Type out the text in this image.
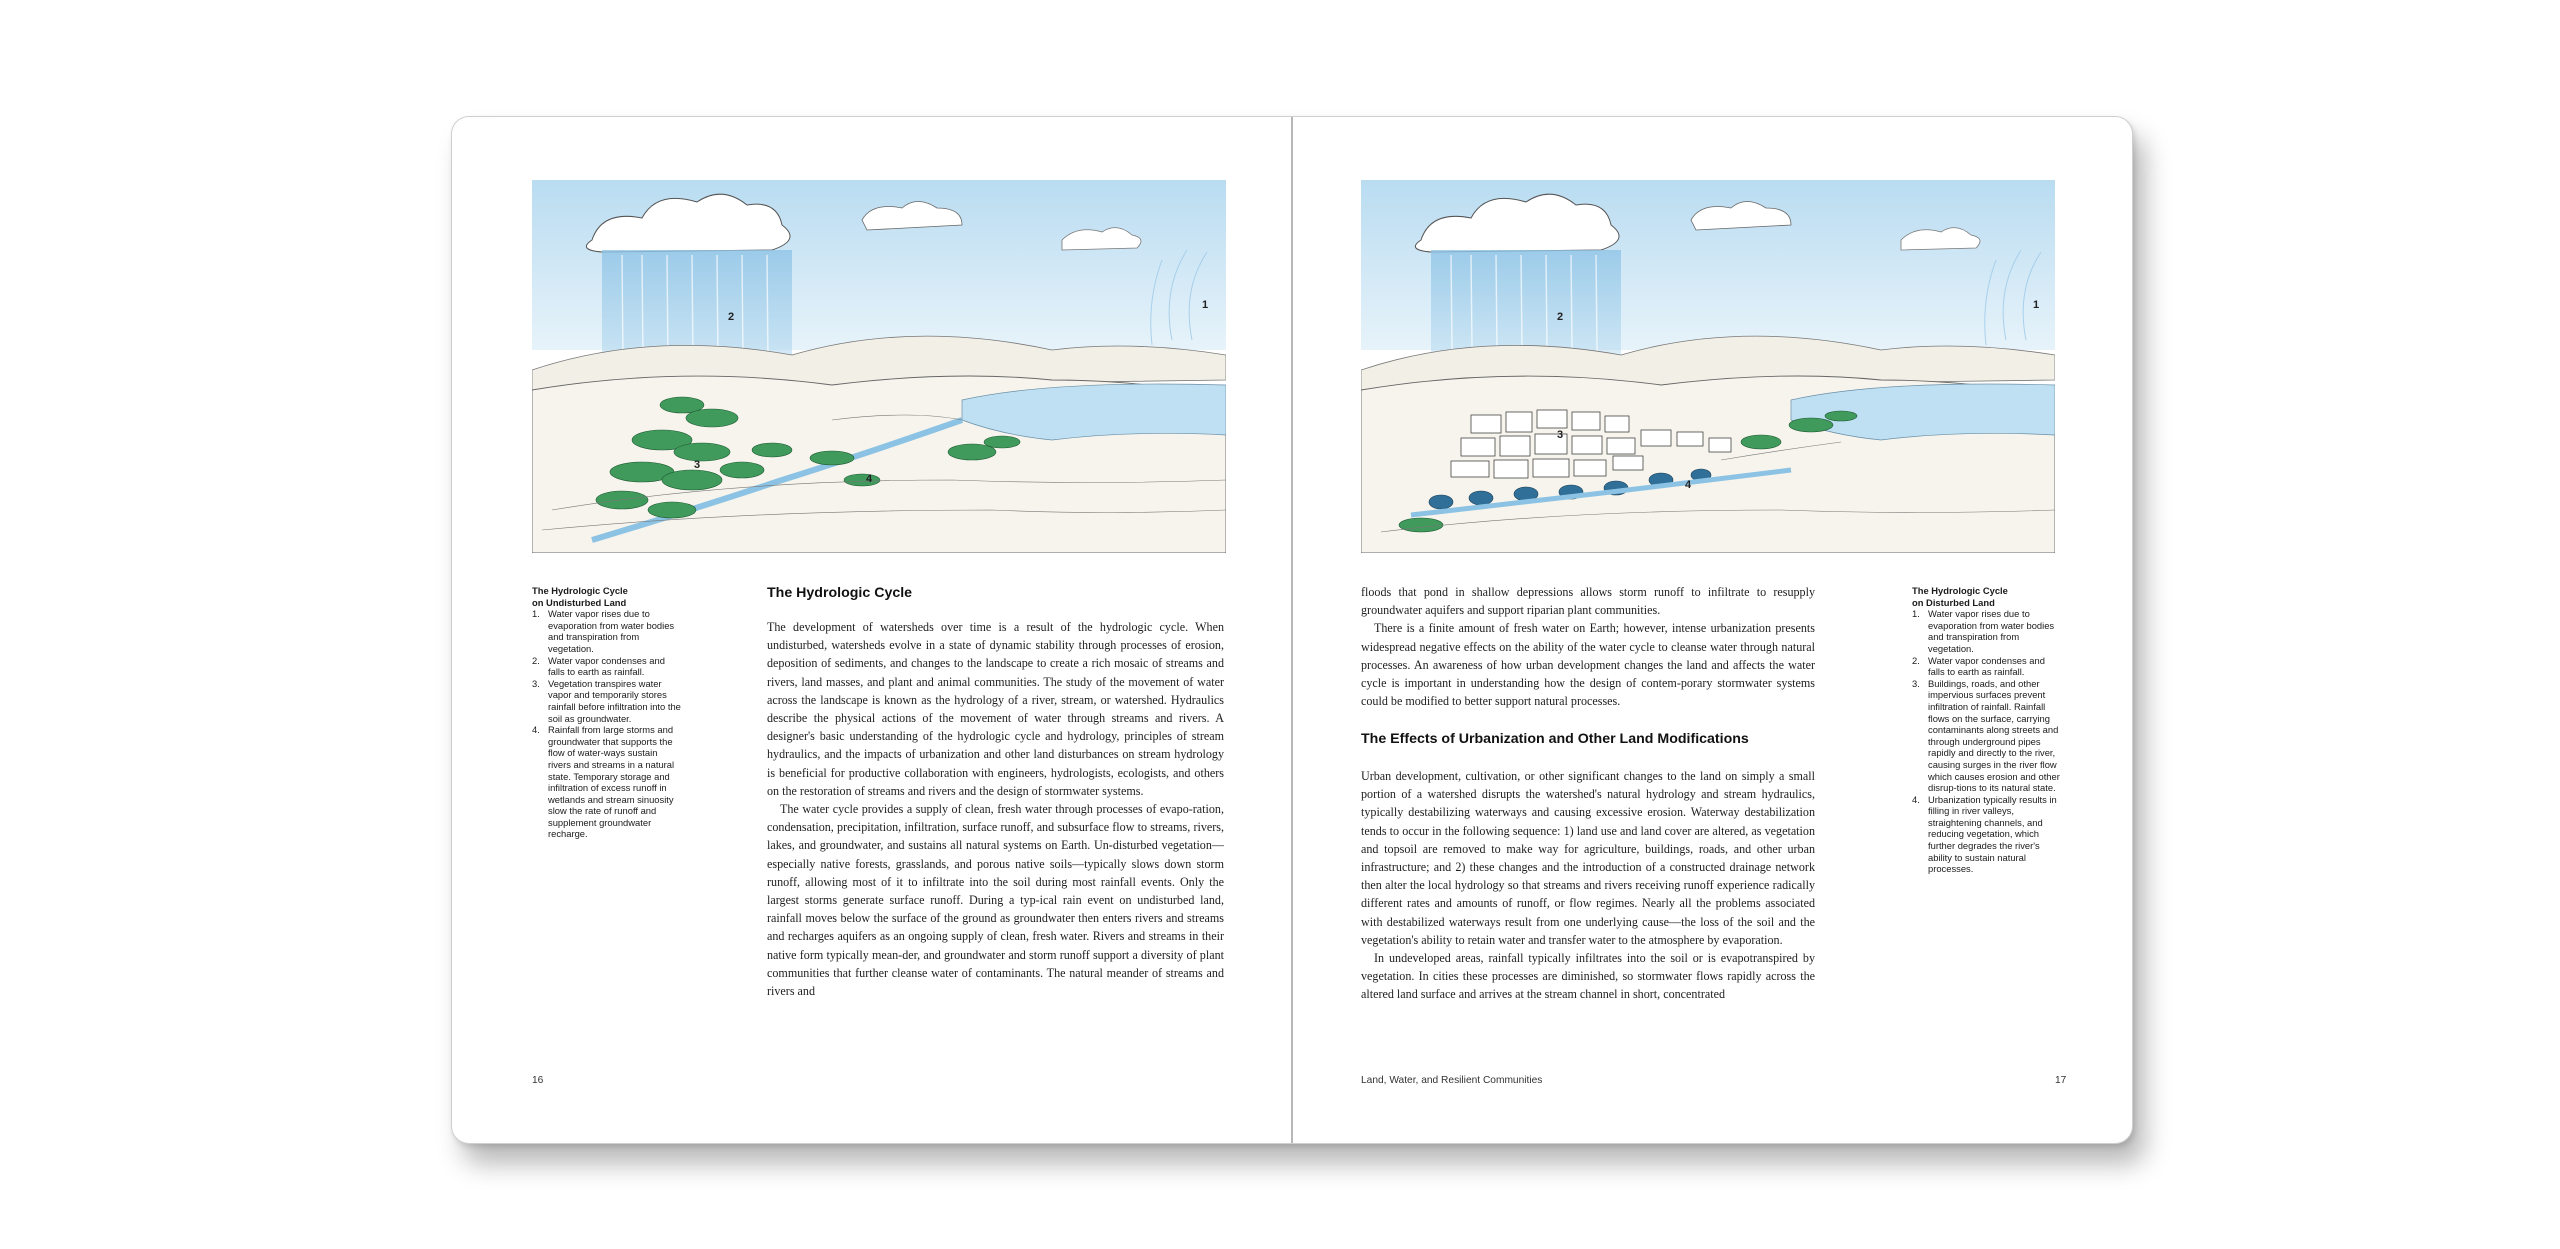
2
1
3
4
The Hydrologic Cycle
on Undisturbed Land
1. Water vapor rises due to evaporation from water bodies and transpiration from vegetation.
2. Water vapor condenses and falls to earth as rainfall.
3. Vegetation transpires water vapor and temporarily stores rainfall before infiltration into the soil as groundwater.
4. Rainfall from large storms and groundwater that supports the flow of water-ways sustain rivers and streams in a natural state. Temporary storage and infiltration of excess runoff in wetlands and stream sinuosity slow the rate of runoff and supplement groundwater recharge.
The Hydrologic Cycle

The development of watersheds over time is a result of the hydrologic cycle. When undisturbed, watersheds evolve in a state of dynamic stability through processes of erosion, deposition of sediments, and changes to the landscape to create a rich mosaic of streams and rivers, land masses, and plant and animal communities. The study of the movement of water across the landscape is known as the hydrology of a river, stream, or watershed. Hydraulics describe the physical actions of the movement of water through streams and rivers. A designer's basic understanding of the hydrologic cycle and hydrology, principles of stream hydraulics, and the impacts of urbanization and other land disturbances on stream hydrology is beneficial for productive collaboration with engineers, hydrologists, ecologists, and others on the restoration of streams and rivers and the design of stormwater systems.

The water cycle provides a supply of clean, fresh water through processes of evapo-ration, condensation, precipitation, infiltration, surface runoff, and subsurface flow to streams, rivers, lakes, and groundwater, and sustains all natural systems on Earth. Un-disturbed vegetation—especially native forests, grasslands, and porous native soils—typically slows down storm runoff, allowing most of it to infiltrate into the soil during most rainfall events. Only the largest storms generate surface runoff. During a typ-ical rain event on undisturbed land, rainfall moves below the surface of the ground as groundwater then enters rivers and streams and recharges aquifers as an ongoing supply of clean, fresh water. Rivers and streams in their native form typically mean-der, and groundwater and storm runoff support a diversity of plant communities that further cleanse water of contaminants. The natural meander of streams and rivers and

16
2
1
3
4

floods that pond in shallow depressions allows storm runoff to infiltrate to resupply groundwater aquifers and support riparian plant communities.

There is a finite amount of fresh water on Earth; however, intense urbanization presents widespread negative effects on the ability of the water cycle to cleanse water through natural processes. An awareness of how urban development changes the land and affects the water cycle is important in understanding how the design of contem-porary stormwater systems could be modified to better support natural processes.

The Effects of Urbanization and Other Land Modifications

Urban development, cultivation, or other significant changes to the land on simply a small portion of a watershed disrupts the watershed's natural hydrology and stream hydraulics, typically destabilizing waterways and causing excessive erosion. Waterway destabilization tends to occur in the following sequence: 1) land use and land cover are altered, as vegetation and topsoil are removed to make way for agriculture, buildings, roads, and other urban infrastructure; and 2) these changes and the introduction of a constructed drainage network then alter the local hydrology so that streams and rivers receiving runoff experience radically different rates and amounts of runoff, or flow regimes. Nearly all the problems associated with destabilized waterways result from one underlying cause—the loss of the soil and the vegetation's ability to retain water and transfer water to the atmosphere by evaporation.

In undeveloped areas, rainfall typically infiltrates into the soil or is evapotranspired by vegetation. In cities these processes are diminished, so stormwater flows rapidly across the altered land surface and arrives at the stream channel in short, concentrated

The Hydrologic Cycle
on Disturbed Land
1. Water vapor rises due to evaporation from water bodies and transpiration from vegetation.
2. Water vapor condenses and falls to earth as rainfall.
3. Buildings, roads, and other impervious surfaces prevent infiltration of rainfall. Rainfall flows on the surface, carrying contaminants along streets and through underground pipes rapidly and directly to the river, causing surges in the river flow which causes erosion and other disrup-tions to its natural state.
4. Urbanization typically results in filling in river valleys, straightening channels, and reducing vegetation, which further degrades the river's ability to sustain natural processes.
Land, Water, and Resilient Communities	17
